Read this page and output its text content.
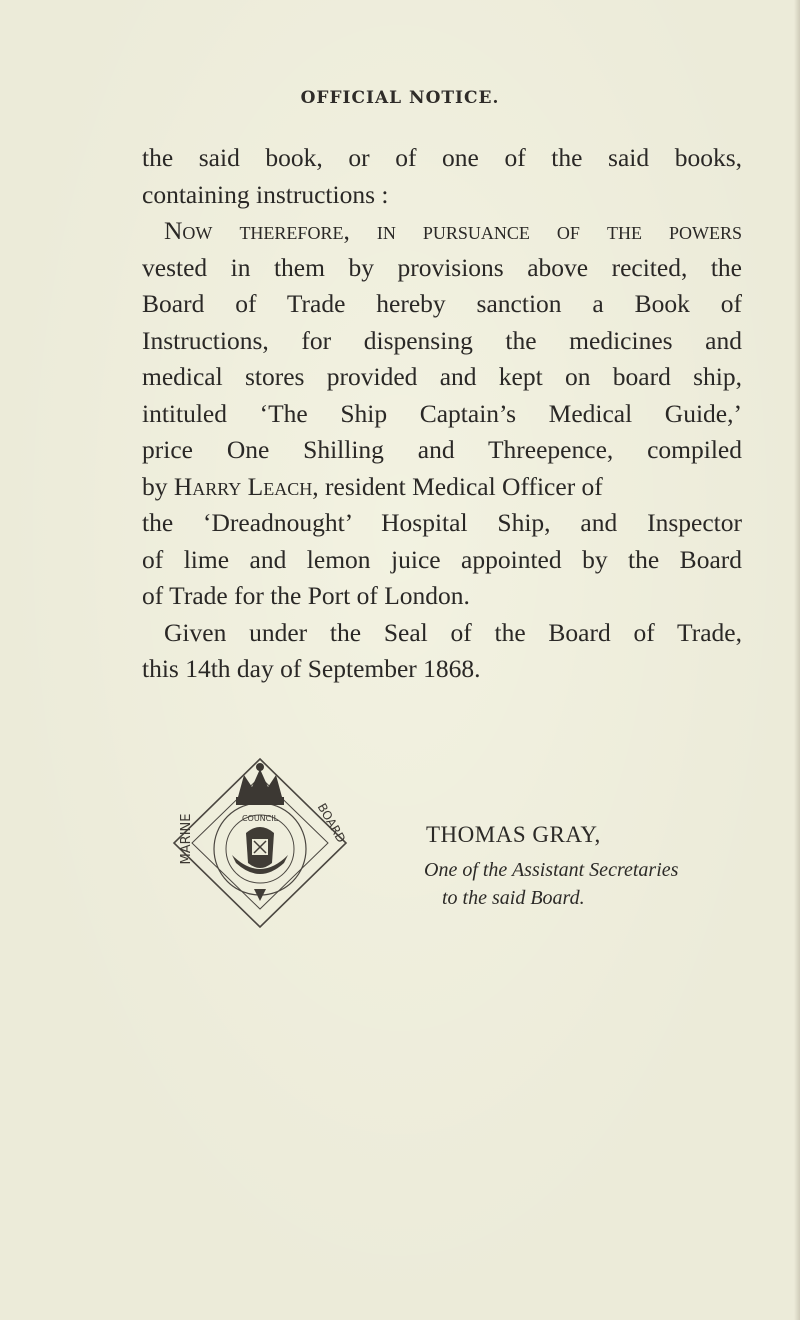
OFFICIAL NOTICE.
the said book, or of one of the said books,
containing instructions :
Now therefore, in pursuance of the powers
vested in them by provisions above recited, the
Board of Trade hereby sanction a Book of
Instructions, for dispensing the medicines and
medical stores provided and kept on board ship,
intituled ‘The Ship Captain’s Medical Guide,’
price One Shilling and Threepence, compiled
by Harry Leach, resident Medical Officer of
the ‘Dreadnought’ Hospital Ship, and Inspector
of lime and lemon juice appointed by the Board
of Trade for the Port of London.
Given under the Seal of the Board of Trade,
this 14th day of September 1868.
MARINE	BOARD
COUNCIL
THOMAS GRAY,
One of the Assistant Secretaries
to the said Board.
